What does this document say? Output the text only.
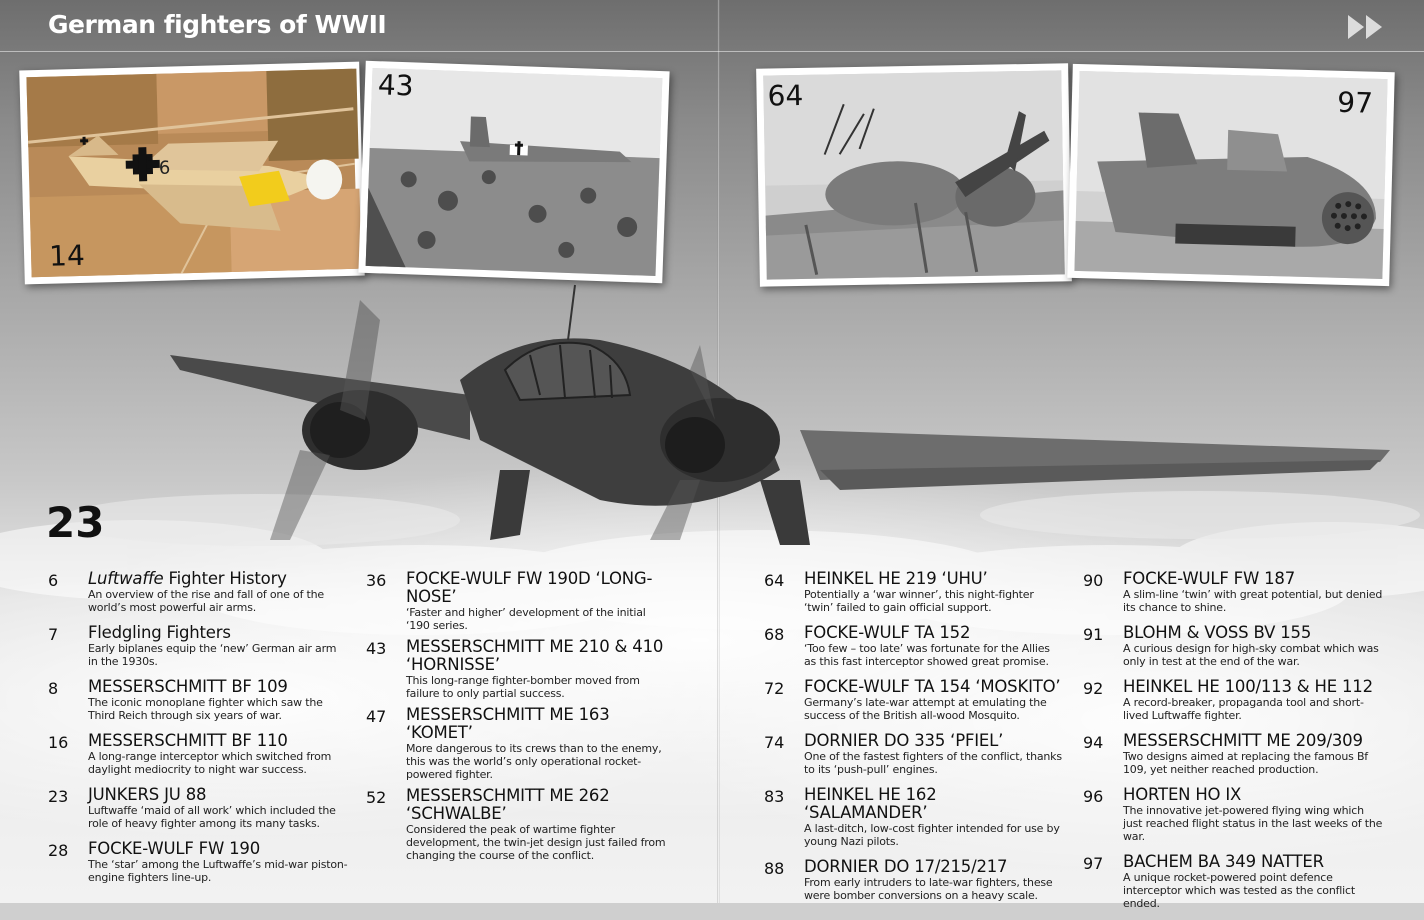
German fighters of WWII
6
14
43	64	97
23
6 Luftwaffe Fighter History
An overview of the rise and fall of one of the world’s most powerful air arms.
7 Fledgling Fighters
Early biplanes equip the ‘new’ German air arm in the 1930s.
8 MESSERSCHMITT BF 109
The iconic monoplane fighter which saw the Third Reich through six years of war.
16 MESSERSCHMITT BF 110
A long-range interceptor which switched from daylight mediocrity to night war success.
23 JUNKERS JU 88
Luftwaffe ‘maid of all work’ which included the role of heavy fighter among its many tasks.
28 FOCKE-WULF FW 190
The ‘star’ among the Luftwaffe’s mid-war piston-engine fighters line-up.
36 FOCKE-WULF FW 190D ‘LONG-NOSE’
‘Faster and higher’ development of the initial ‘190 series.
43 MESSERSCHMITT ME 210 & 410 ‘HORNISSE’
This long-range fighter-bomber moved from failure to only partial success.
47 MESSERSCHMITT ME 163 ‘KOMET’
More dangerous to its crews than to the enemy, this was the world’s only operational rocket-powered fighter.
52 MESSERSCHMITT ME 262 ‘SCHWALBE’
Considered the peak of wartime fighter development, the twin-jet design just failed from changing the course of the conflict.
64 HEINKEL HE 219 ‘UHU’
Potentially a ‘war winner’, this night-fighter ‘twin’ failed to gain official support.
68 FOCKE-WULF TA 152
‘Too few – too late’ was fortunate for the Allies as this fast interceptor showed great promise.
72 FOCKE-WULF TA 154 ‘MOSKITO’
Germany’s late-war attempt at emulating the success of the British all-wood Mosquito.
74 DORNIER DO 335 ‘PFIEL’
One of the fastest fighters of the conflict, thanks to its ‘push-pull’ engines.
83 HEINKEL HE 162 ‘SALAMANDER’
A last-ditch, low-cost fighter intended for use by young Nazi pilots.
88 DORNIER DO 17/215/217
From early intruders to late-war fighters, these were bomber conversions on a heavy scale.
90 FOCKE-WULF FW 187
A slim-line ‘twin’ with great potential, but denied its chance to shine.
91 BLOHM & VOSS BV 155
A curious design for high-sky combat which was only in test at the end of the war.
92 HEINKEL HE 100/113 & HE 112
A record-breaker, propaganda tool and short-lived Luftwaffe fighter.
94 MESSERSCHMITT ME 209/309
Two designs aimed at replacing the famous Bf 109, yet neither reached production.
96 HORTEN HO IX
The innovative jet-powered flying wing which just reached flight status in the last weeks of the war.
97 BACHEM BA 349 NATTER
A unique rocket-powered point defence interceptor which was tested as the conflict ended.
